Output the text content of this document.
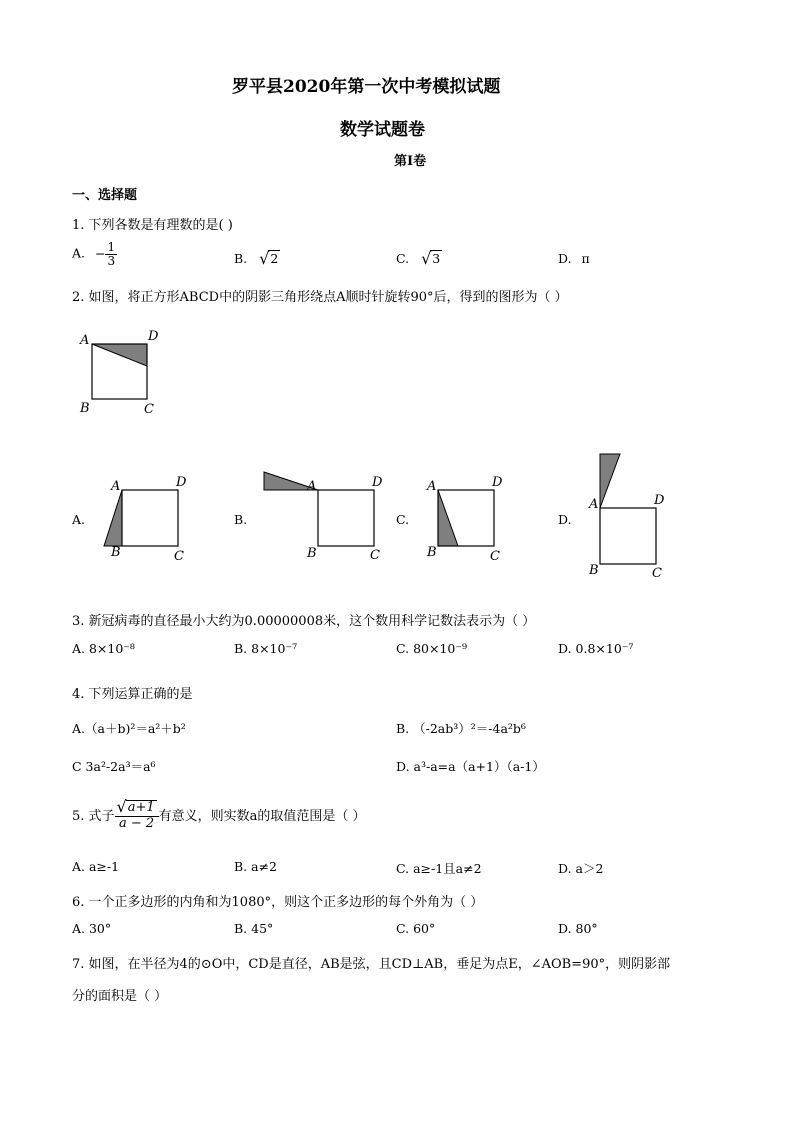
罗平县2020年第一次中考模拟试题
数学试题卷
第Ⅰ卷
一、选择题
1. 下列各数是有理数的是( )
A. − $\frac{1}{3}$	B. √2	C. √3	D. π
2. 如图，将正方形ABCD中的阴影三角形绕点A顺时针旋转90°后，得到的图形为（ ）
A	D
B	C
A.	B.	C.	D.
A	D
B	C
A	D
B	C
A	D
B	C
A	D
B	C
3. 新冠病毒的直径最小大约为0.00000008米，这个数用科学记数法表示为（ ）
A. 8×10⁻⁸	B. 8×10⁻⁷	C. 80×10⁻⁹	D. 0.8×10⁻⁷
4. 下列运算正确的是
A.（a＋b)²＝a²＋b²	B. （-2ab³）²＝-4a²b⁶
C 3a²-2a³＝a⁶	D. a³-a=a（a+1）（a-1）
5. 式子 $\frac{√a+1}{a - 2}$ 有意义，则实数a的取值范围是（ ）
A. a≥-1	B. a≠2	C. a≥-1且a≠2	D. a＞2
6. 一个正多边形的内角和为1080°，则这个正多边形的每个外角为（ ）
A. 30°	B. 45°	C. 60°	D. 80°
7. 如图，在半径为4的⊙O中，CD是直径，AB是弦，且CD⊥AB，垂足为点E，∠AOB=90°，则阴影部
分的面积是（ ）
